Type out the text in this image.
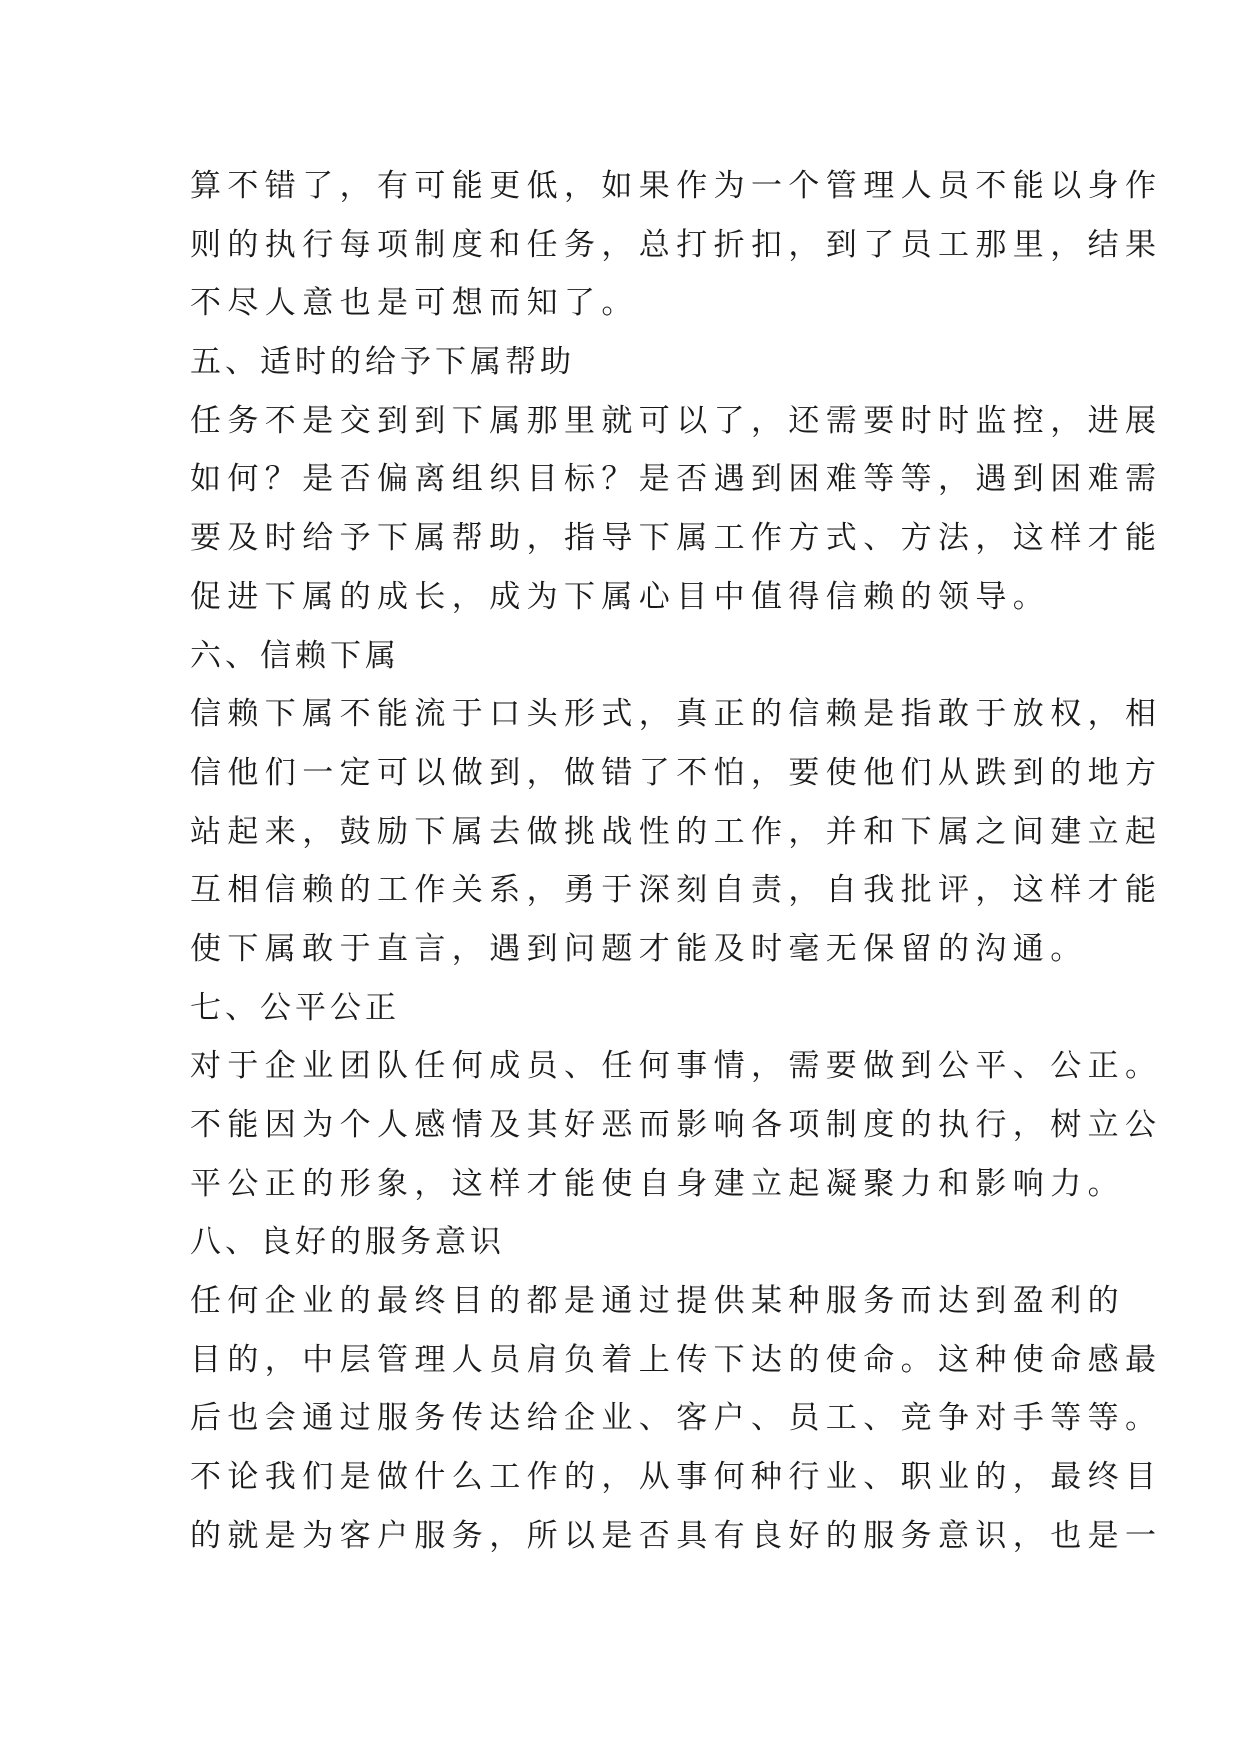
算不错了，有可能更低，如果作为一个管理人员不能以身作
则的执行每项制度和任务，总打折扣，到了员工那里，结果
不尽人意也是可想而知了。
五、适时的给予下属帮助
任务不是交到到下属那里就可以了，还需要时时监控，进展
如何？是否偏离组织目标？是否遇到困难等等，遇到困难需
要及时给予下属帮助，指导下属工作方式、方法，这样才能
促进下属的成长，成为下属心目中值得信赖的领导。
六、信赖下属
信赖下属不能流于口头形式，真正的信赖是指敢于放权，相
信他们一定可以做到，做错了不怕，要使他们从跌到的地方
站起来，鼓励下属去做挑战性的工作，并和下属之间建立起
互相信赖的工作关系，勇于深刻自责，自我批评，这样才能
使下属敢于直言，遇到问题才能及时毫无保留的沟通。
七、公平公正
对于企业团队任何成员、任何事情，需要做到公平、公正。
不能因为个人感情及其好恶而影响各项制度的执行，树立公
平公正的形象，这样才能使自身建立起凝聚力和影响力。
八、良好的服务意识
任何企业的最终目的都是通过提供某种服务而达到盈利的
目的，中层管理人员肩负着上传下达的使命。这种使命感最
后也会通过服务传达给企业、客户、员工、竞争对手等等。
不论我们是做什么工作的，从事何种行业、职业的，最终目
的就是为客户服务，所以是否具有良好的服务意识，也是一
